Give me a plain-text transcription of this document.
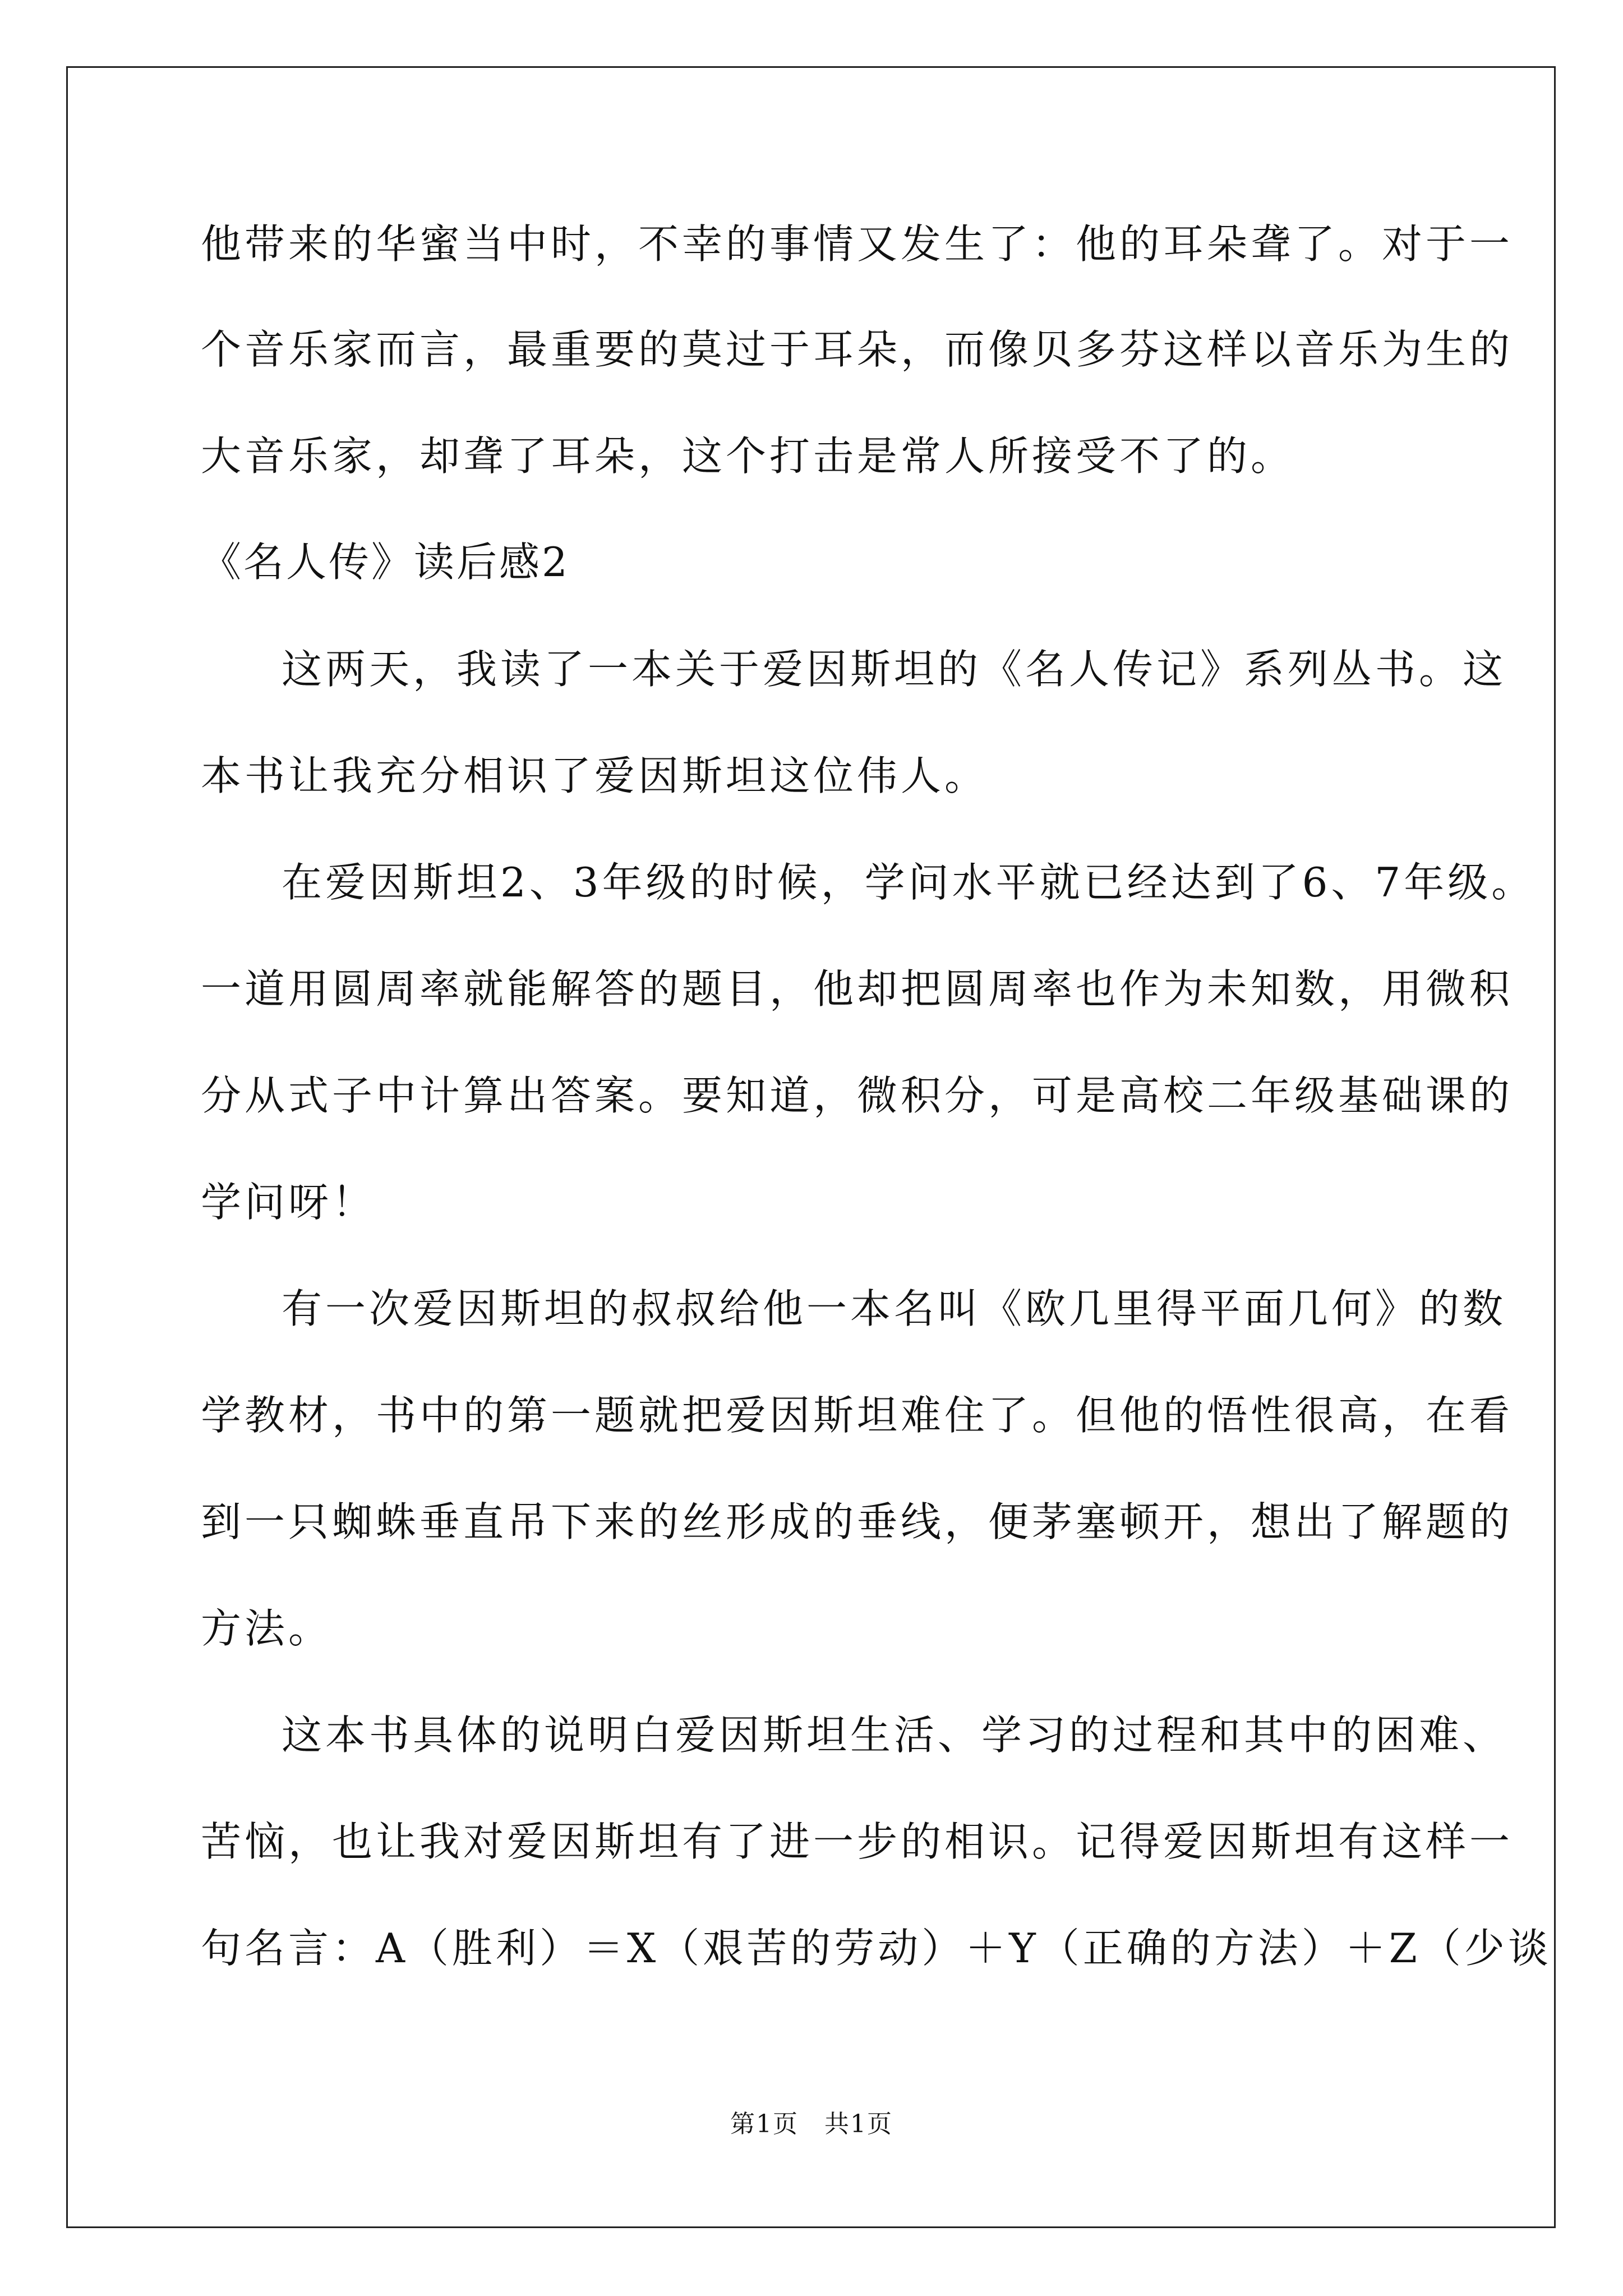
他带来的华蜜当中时，不幸的事情又发生了：他的耳朵聋了。对于一
个音乐家而言，最重要的莫过于耳朵，而像贝多芬这样以音乐为生的
大音乐家，却聋了耳朵，这个打击是常人所接受不了的。
《名人传》读后感2
这两天，我读了一本关于爱因斯坦的《名人传记》系列丛书。这
本书让我充分相识了爱因斯坦这位伟人。
在爱因斯坦2、3年级的时候，学问水平就已经达到了6、7年级。
一道用圆周率就能解答的题目，他却把圆周率也作为未知数，用微积
分从式子中计算出答案。要知道，微积分，可是高校二年级基础课的
学问呀！
有一次爱因斯坦的叔叔给他一本名叫《欧几里得平面几何》的数
学教材，书中的第一题就把爱因斯坦难住了。但他的悟性很高，在看
到一只蜘蛛垂直吊下来的丝形成的垂线，便茅塞顿开，想出了解题的
方法。
这本书具体的说明白爱因斯坦生活、学习的过程和其中的困难、
苦恼，也让我对爱因斯坦有了进一步的相识。记得爱因斯坦有这样一
句名言：A（胜利）＝X（艰苦的劳动）＋Y（正确的方法）＋Z（少谈
第1页　共1页
